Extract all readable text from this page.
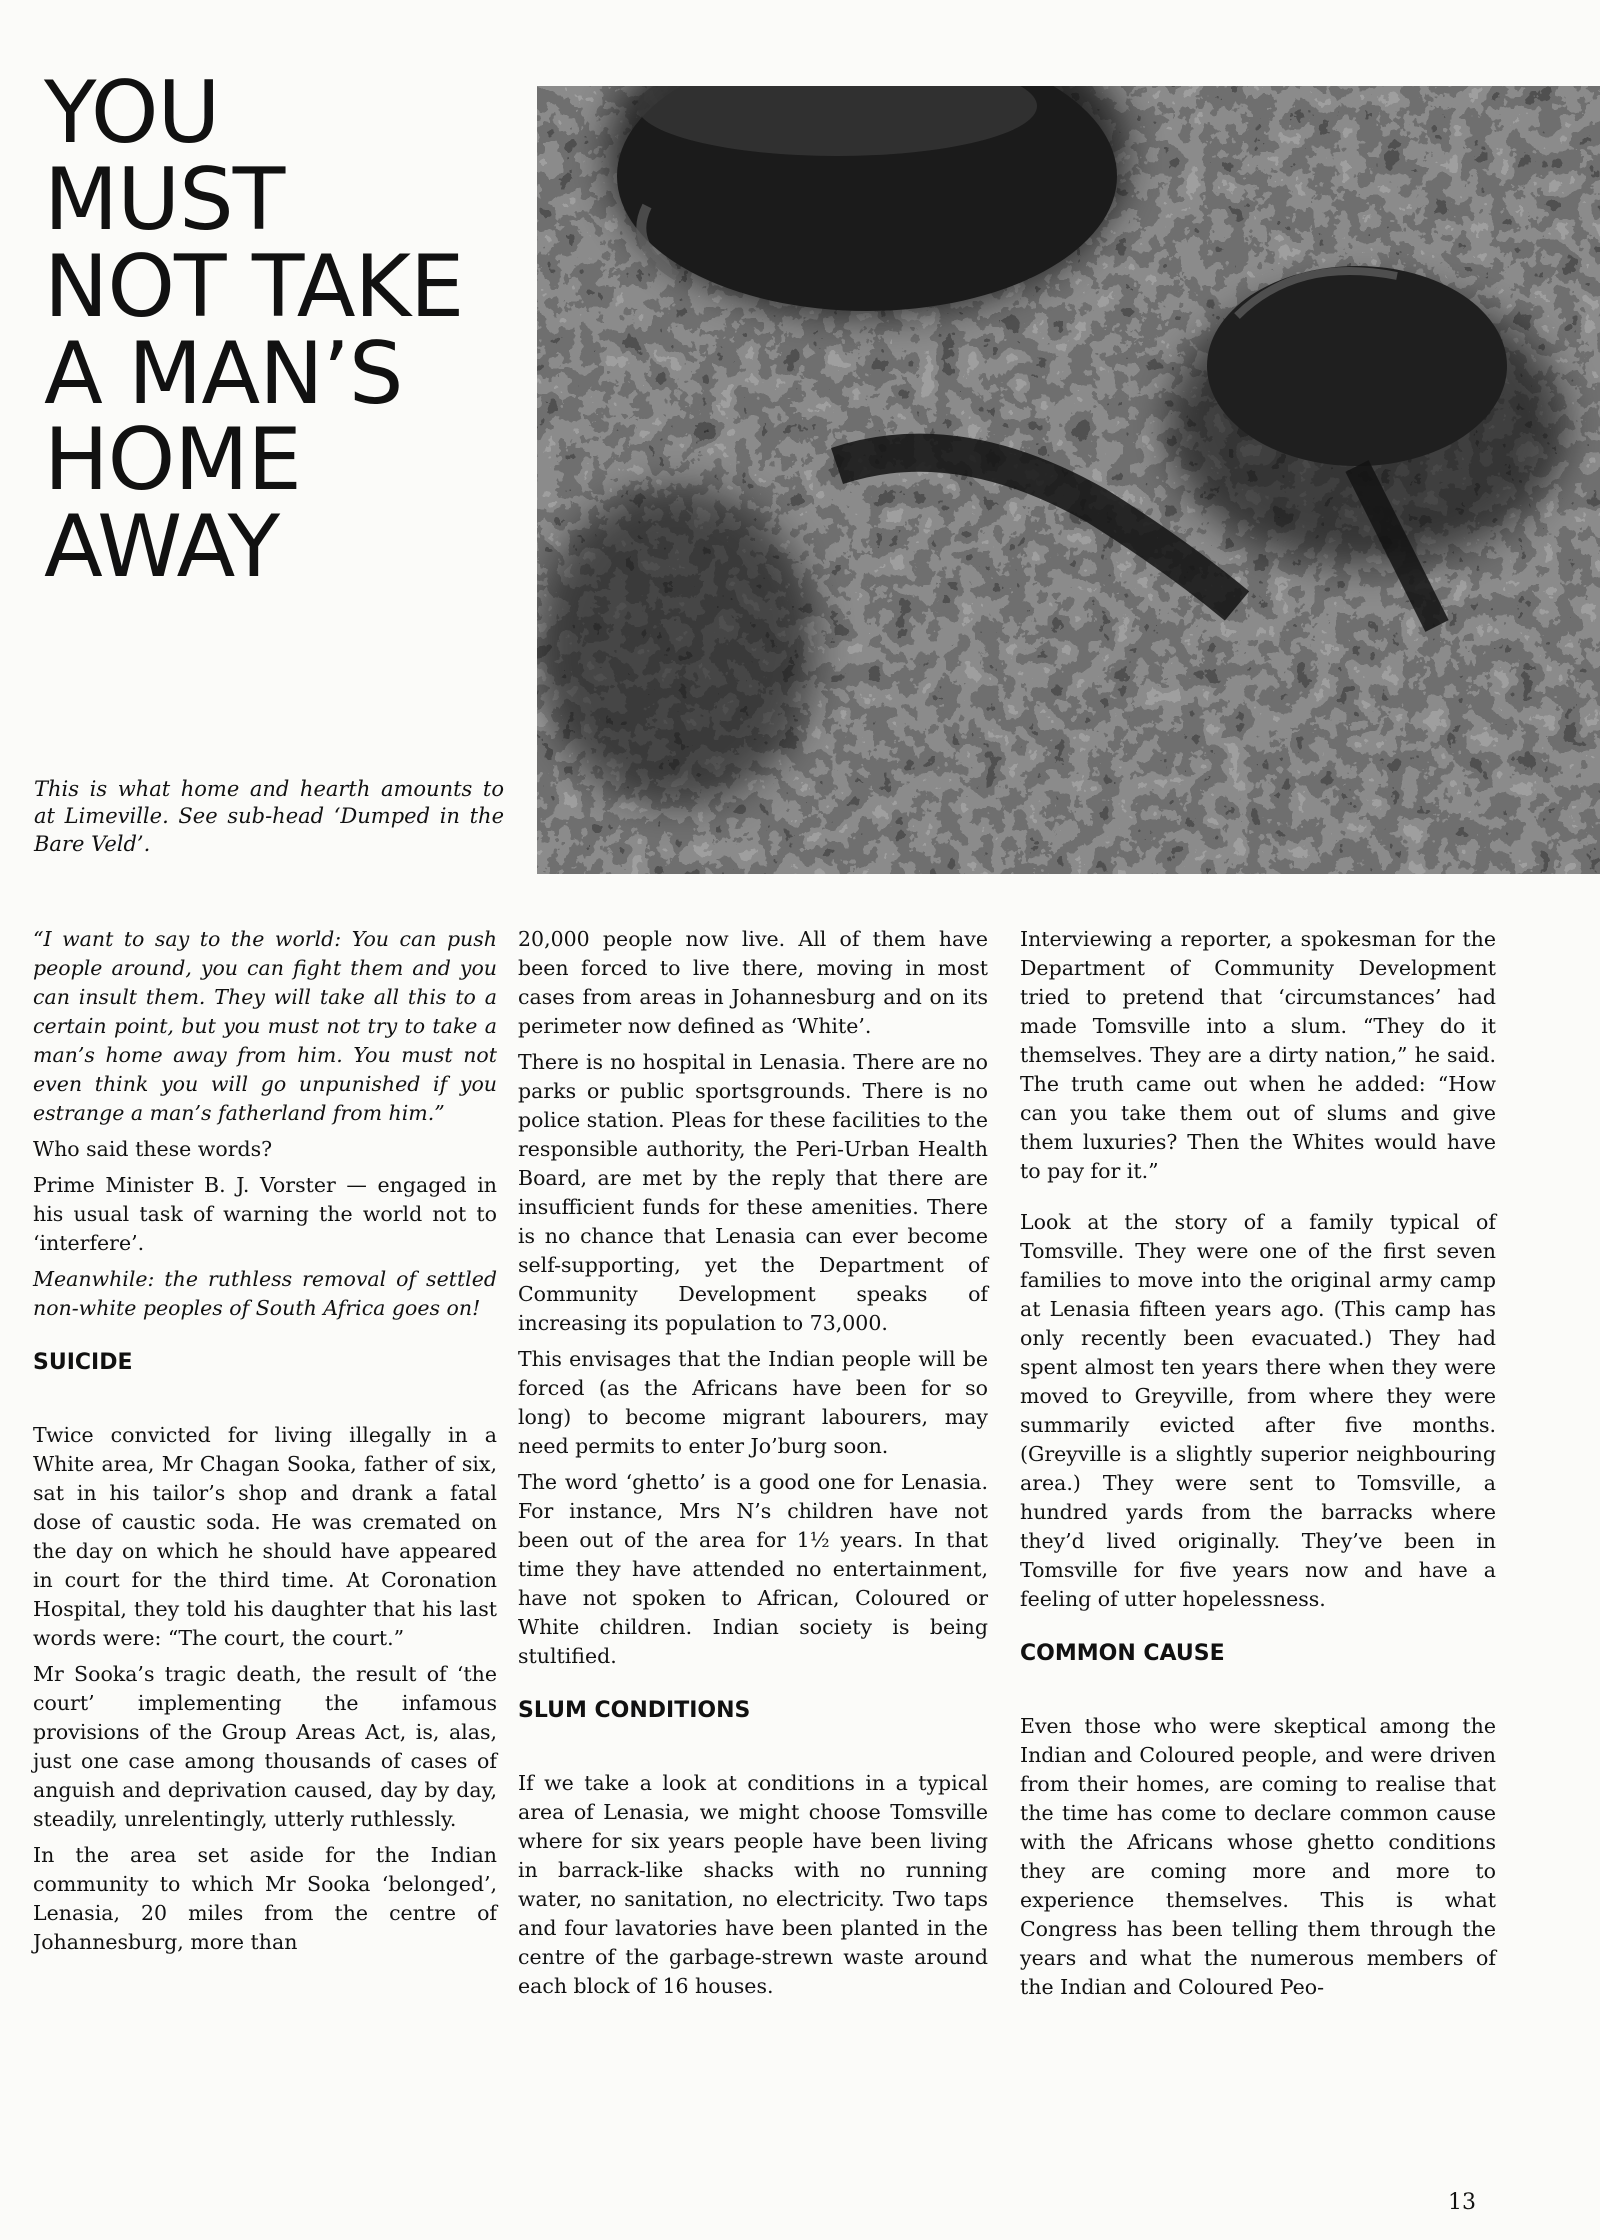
YOU
MUST
NOT TAKE
A MAN’S
HOME
AWAY

This is what home and hearth amounts to at Limeville. See sub-head ‘Dumped in the Bare Veld’.

“I want to say to the world: You can push people around, you can fight them and you can insult them. They will take all this to a certain point, but you must not try to take a man’s home away from him. You must not even think you will go unpunished if you estrange a man’s fatherland from him.”

Who said these words?

Prime Minister B. J. Vorster — engaged in his usual task of warning the world not to ‘interfere’.

Meanwhile: the ruthless removal of settled non-white peoples of South Africa goes on!

SUICIDE

Twice convicted for living illegally in a White area, Mr Chagan Sooka, father of six, sat in his tailor’s shop and drank a fatal dose of caustic soda. He was cremated on the day on which he should have appeared in court for the third time. At Coronation Hospital, they told his daughter that his last words were: “The court, the court.”

Mr Sooka’s tragic death, the result of ‘the court’ implementing the infamous provisions of the Group Areas Act, is, alas, just one case among thousands of cases of anguish and deprivation caused, day by day, steadily, unrelentingly, utterly ruthlessly.

In the area set aside for the Indian community to which Mr Sooka ‘belonged’, Lenasia, 20 miles from the centre of Johannesburg, more than

20,000 people now live. All of them have been forced to live there, moving in most cases from areas in Johannesburg and on its perimeter now defined as ‘White’.

There is no hospital in Lenasia. There are no parks or public sportsgrounds. There is no police station. Pleas for these facilities to the responsible authority, the Peri-Urban Health Board, are met by the reply that there are insufficient funds for these amenities. There is no chance that Lenasia can ever become self-supporting, yet the Department of Community Development speaks of increasing its population to 73,000.

This envisages that the Indian people will be forced (as the Africans have been for so long) to become migrant labourers, may need permits to enter Jo’burg soon.

The word ‘ghetto’ is a good one for Lenasia. For instance, Mrs N’s children have not been out of the area for 1½ years. In that time they have attended no entertainment, have not spoken to African, Coloured or White children. Indian society is being stultified.

SLUM CONDITIONS

If we take a look at conditions in a typical area of Lenasia, we might choose Tomsville where for six years people have been living in barrack-like shacks with no running water, no sanitation, no electricity. Two taps and four lavatories have been planted in the centre of the garbage-strewn waste around each block of 16 houses.

Interviewing a reporter, a spokesman for the Department of Community Development tried to pretend that ‘circumstances’ had made Tomsville into a slum. “They do it themselves. They are a dirty nation,” he said. The truth came out when he added: “How can you take them out of slums and give them luxuries? Then the Whites would have to pay for it.”

Look at the story of a family typical of Tomsville. They were one of the first seven families to move into the original army camp at Lenasia fifteen years ago. (This camp has only recently been evacuated.) They had spent almost ten years there when they were moved to Greyville, from where they were summarily evicted after five months. (Greyville is a slightly superior neighbouring area.) They were sent to Tomsville, a hundred yards from the barracks where they’d lived originally. They’ve been in Tomsville for five years now and have a feeling of utter hopelessness.

COMMON CAUSE

Even those who were skeptical among the Indian and Coloured people, and were driven from their homes, are coming to realise that the time has come to declare common cause with the Africans whose ghetto conditions they are coming more and more to experience themselves. This is what Congress has been telling them through the years and what the numerous members of the Indian and Coloured Peo-

13
